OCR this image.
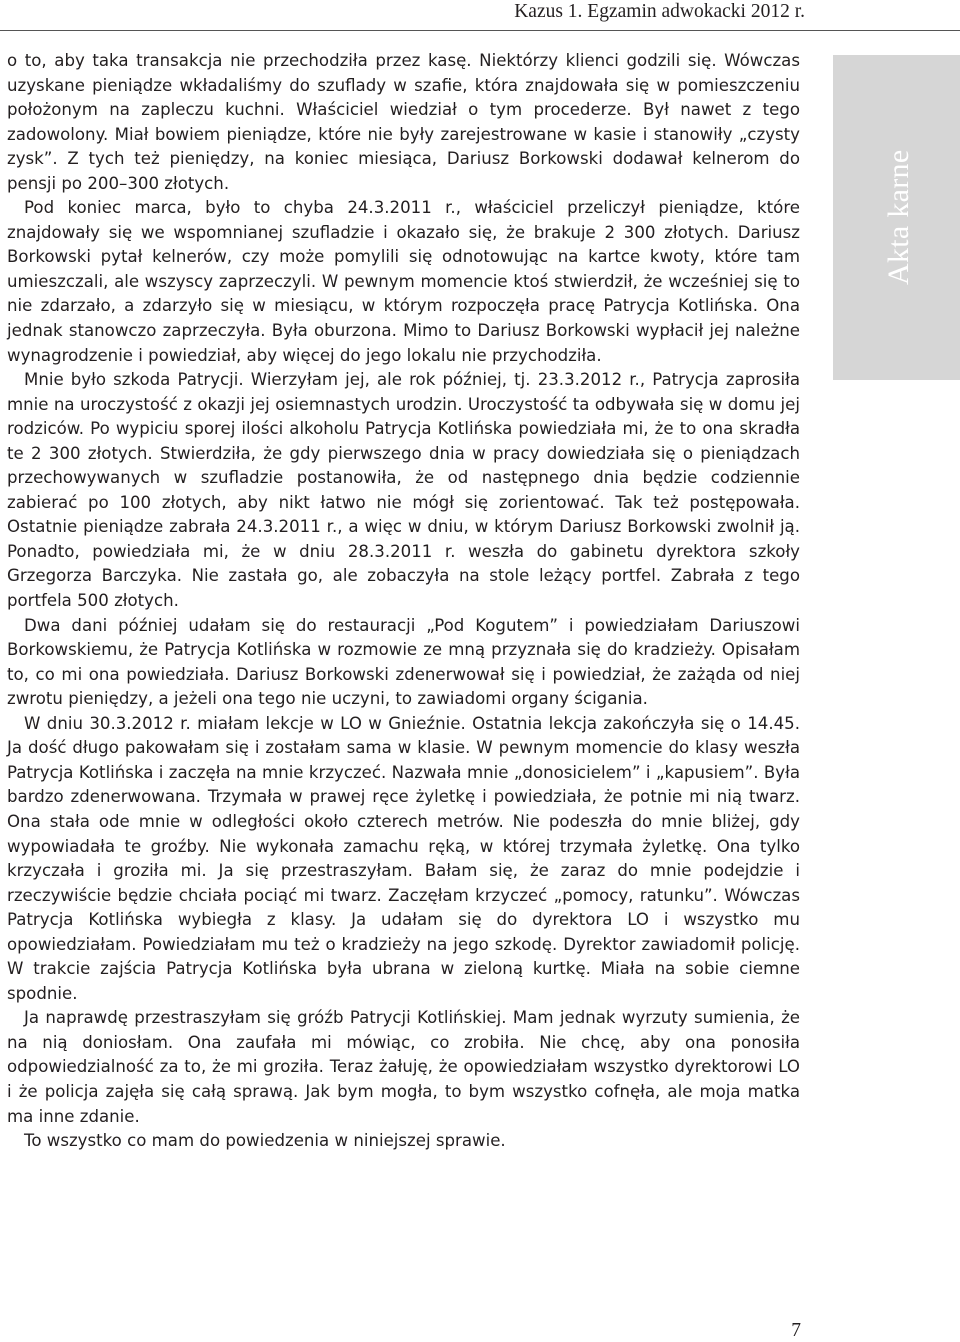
Kazus 1. Egzamin adwokacki 2012 r.
Akta karne

o to, aby taka transakcja nie przechodziła przez kasę. Niektórzy klienci godzili się. Wówczas uzyskane pieniądze wkładaliśmy do szuflady w szafie, która znajdowała się w pomieszczeniu położonym na zapleczu kuchni. Właściciel wiedział o tym procederze. Był nawet z tego zadowolony. Miał bowiem pieniądze, które nie były zarejestrowane w kasie i stanowiły „czysty zysk”. Z tych też pieniędzy, na koniec miesiąca, Dariusz Borkowski dodawał kelnerom do pensji po 200–300 złotych.

Pod koniec marca, było to chyba 24.3.2011 r., właściciel przeliczył pieniądze, które znajdowały się we wspomnianej szufladzie i okazało się, że brakuje 2 300 złotych. Dariusz Borkowski pytał kelnerów, czy może pomylili się odnotowując na kartce kwoty, które tam umieszczali, ale wszyscy zaprzeczyli. W pewnym momencie ktoś stwierdził, że wcześniej się to nie zdarzało, a zdarzyło się w miesiącu, w którym rozpoczęła pracę Patrycja Kotlińska. Ona jednak stanowczo zaprzeczyła. Była oburzona. Mimo to Dariusz Borkowski wypłacił jej należne wynagrodzenie i powiedział, aby więcej do jego lokalu nie przychodziła.

Mnie było szkoda Patrycji. Wierzyłam jej, ale rok później, tj. 23.3.2012 r., Patrycja zaprosiła mnie na uroczystość z okazji jej osiemnastych urodzin. Uroczystość ta odbywała się w domu jej rodziców. Po wypiciu sporej ilości alkoholu Patrycja Kotlińska powiedziała mi, że to ona skradła te 2 300 złotych. Stwierdziła, że gdy pierwszego dnia w pracy dowiedziała się o pieniądzach przechowywanych w szufladzie postanowiła, że od następnego dnia będzie codziennie zabierać po 100 złotych, aby nikt łatwo nie mógł się zorientować. Tak też postępowała. Ostatnie pieniądze zabrała 24.3.2011 r., a więc w dniu, w którym Dariusz Borkowski zwolnił ją. Ponadto, powiedziała mi, że w dniu 28.3.2011 r. weszła do gabinetu dyrektora szkoły Grzegorza Barczyka. Nie zastała go, ale zobaczyła na stole leżący portfel. Zabrała z tego portfela 500 złotych.

Dwa dani później udałam się do restauracji „Pod Kogutem” i powiedziałam Dariuszowi Borkowskiemu, że Patrycja Kotlińska w rozmowie ze mną przyznała się do kradzieży. Opisałam to, co mi ona powiedziała. Dariusz Borkowski zdenerwował się i powiedział, że zażąda od niej zwrotu pieniędzy, a jeżeli ona tego nie uczyni, to zawiadomi organy ścigania.

W dniu 30.3.2012 r. miałam lekcje w LO w Gnieźnie. Ostatnia lekcja zakończyła się o 14.45. Ja dość długo pakowałam się i zostałam sama w klasie. W pewnym momencie do klasy weszła Patrycja Kotlińska i zaczęła na mnie krzyczeć. Nazwała mnie „donosicielem” i „kapusiem”. Była bardzo zdenerwowana. Trzymała w prawej ręce żyletkę i powiedziała, że potnie mi nią twarz. Ona stała ode mnie w odległości około czterech metrów. Nie podeszła do mnie bliżej, gdy wypowiadała te groźby. Nie wykonała zamachu ręką, w której trzymała żyletkę. Ona tylko krzyczała i groziła mi. Ja się przestraszyłam. Bałam się, że zaraz do mnie podejdzie i rzeczywiście będzie chciała pociąć mi twarz. Zaczęłam krzyczeć „pomocy, ratunku”. Wówczas Patrycja Kotlińska wybiegła z klasy. Ja udałam się do dyrektora LO i wszystko mu opowiedziałam. Powiedziałam mu też o kradzieży na jego szkodę. Dyrektor zawiadomił policję. W trakcie zajścia Patrycja Kotlińska była ubrana w zieloną kurtkę. Miała na sobie ciemne spodnie.

Ja naprawdę przestraszyłam się gróźb Patrycji Kotlińskiej. Mam jednak wyrzuty sumienia, że na nią doniosłam. Ona zaufała mi mówiąc, co zrobiła. Nie chcę, aby ona ponosiła odpowiedzialność za to, że mi groziła. Teraz żałuję, że opowiedziałam wszystko dyrektorowi LO i że policja zajęła się całą sprawą. Jak bym mogła, to bym wszystko cofnęła, ale moja matka ma inne zdanie.

To wszystko co mam do powiedzenia w niniejszej sprawie.

7
